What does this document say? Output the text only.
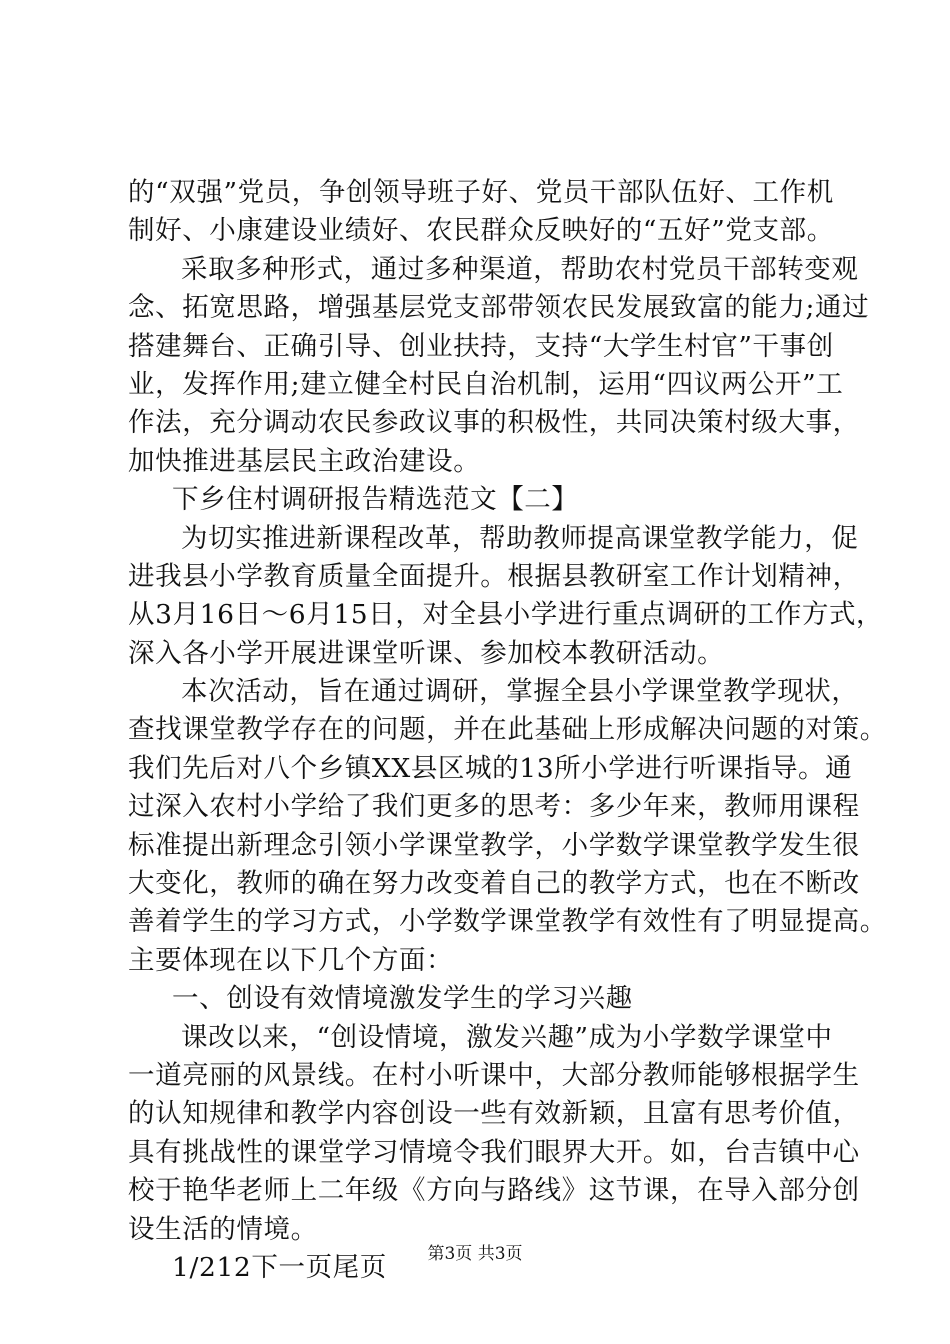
的“双强”党员，争创领导班子好、党员干部队伍好、工作机
制好、小康建设业绩好、农民群众反映好的“五好”党支部。
采取多种形式，通过多种渠道，帮助农村党员干部转变观
念、拓宽思路，增强基层党支部带领农民发展致富的能力;通过
搭建舞台、正确引导、创业扶持，支持“大学生村官”干事创
业，发挥作用;建立健全村民自治机制，运用“四议两公开”工
作法，充分调动农民参政议事的积极性，共同决策村级大事，
加快推进基层民主政治建设。
下乡住村调研报告精选范文【二】
为切实推进新课程改革，帮助教师提高课堂教学能力，促
进我县小学教育质量全面提升。根据县教研室工作计划精神，
从3月16日～6月15日，对全县小学进行重点调研的工作方式，
深入各小学开展进课堂听课、参加校本教研活动。
本次活动，旨在通过调研，掌握全县小学课堂教学现状，
查找课堂教学存在的问题，并在此基础上形成解决问题的对策。
我们先后对八个乡镇XX县区城的13所小学进行听课指导。通
过深入农村小学给了我们更多的思考：多少年来，教师用课程
标准提出新理念引领小学课堂教学，小学数学课堂教学发生很
大变化，教师的确在努力改变着自己的教学方式，也在不断改
善着学生的学习方式，小学数学课堂教学有效性有了明显提高。
主要体现在以下几个方面：
一、创设有效情境激发学生的学习兴趣
课改以来，“创设情境，激发兴趣”成为小学数学课堂中
一道亮丽的风景线。在村小听课中，大部分教师能够根据学生
的认知规律和教学内容创设一些有效新颖，且富有思考价值，
具有挑战性的课堂学习情境令我们眼界大开。如，台吉镇中心
校于艳华老师上二年级《方向与路线》这节课，在导入部分创
设生活的情境。
1/212下一页尾页	第3页 共3页
